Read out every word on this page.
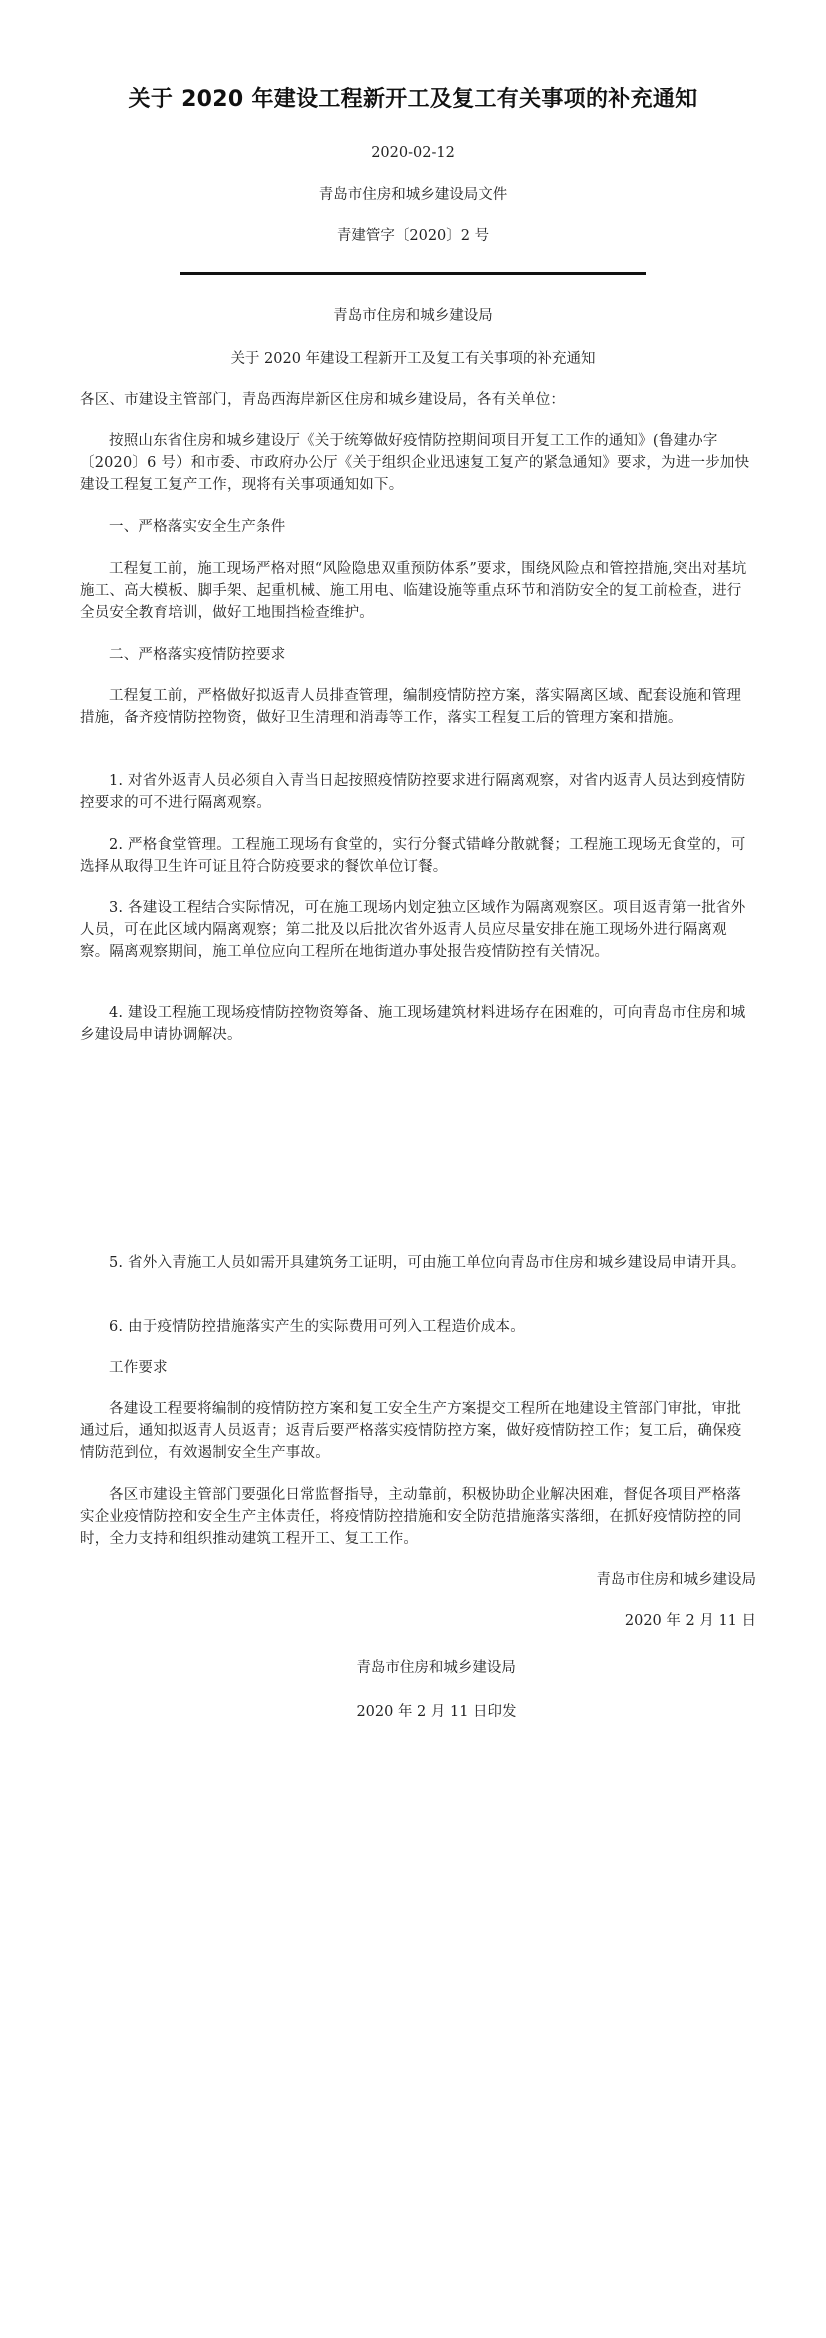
关于 2020 年建设工程新开工及复工有关事项的补充通知
2020-02-12
青岛市住房和城乡建设局文件
青建管字〔2020〕2 号
青岛市住房和城乡建设局
关于 2020 年建设工程新开工及复工有关事项的补充通知
各区、市建设主管部门，青岛西海岸新区住房和城乡建设局，各有关单位：
按照山东省住房和城乡建设厅《关于统筹做好疫情防控期间项目开复工工作的通知》(鲁建办字〔2020〕6 号）和市委、市政府办公厅《关于组织企业迅速复工复产的紧急通知》要求，为进一步加快建设工程复工复产工作，现将有关事项通知如下。
一、严格落实安全生产条件
工程复工前，施工现场严格对照“风险隐患双重预防体系”要求，围绕风险点和管控措施,突出对基坑施工、高大模板、脚手架、起重机械、施工用电、临建设施等重点环节和消防安全的复工前检查，进行全员安全教育培训，做好工地围挡检查维护。
二、严格落实疫情防控要求
工程复工前，严格做好拟返青人员排查管理，编制疫情防控方案，落实隔离区域、配套设施和管理措施，备齐疫情防控物资，做好卫生清理和消毒等工作，落实工程复工后的管理方案和措施。
1. 对省外返青人员必须自入青当日起按照疫情防控要求进行隔离观察，对省内返青人员达到疫情防控要求的可不进行隔离观察。
2. 严格食堂管理。工程施工现场有食堂的，实行分餐式错峰分散就餐；工程施工现场无食堂的，可选择从取得卫生许可证且符合防疫要求的餐饮单位订餐。
3. 各建设工程结合实际情况，可在施工现场内划定独立区域作为隔离观察区。项目返青第一批省外人员，可在此区域内隔离观察；第二批及以后批次省外返青人员应尽量安排在施工现场外进行隔离观察。隔离观察期间，施工单位应向工程所在地街道办事处报告疫情防控有关情况。
4. 建设工程施工现场疫情防控物资筹备、施工现场建筑材料进场存在困难的，可向青岛市住房和城乡建设局申请协调解决。
5. 省外入青施工人员如需开具建筑务工证明，可由施工单位向青岛市住房和城乡建设局申请开具。
6. 由于疫情防控措施落实产生的实际费用可列入工程造价成本。
工作要求
各建设工程要将编制的疫情防控方案和复工安全生产方案提交工程所在地建设主管部门审批，审批通过后，通知拟返青人员返青；返青后要严格落实疫情防控方案，做好疫情防控工作；复工后，确保疫情防范到位，有效遏制安全生产事故。
各区市建设主管部门要强化日常监督指导，主动靠前，积极协助企业解决困难，督促各项目严格落实企业疫情防控和安全生产主体责任，将疫情防控措施和安全防范措施落实落细，在抓好疫情防控的同时，全力支持和组织推动建筑工程开工、复工工作。
青岛市住房和城乡建设局
2020 年 2 月 11 日

青岛市住房和城乡建设局

2020 年 2 月 11 日印发
